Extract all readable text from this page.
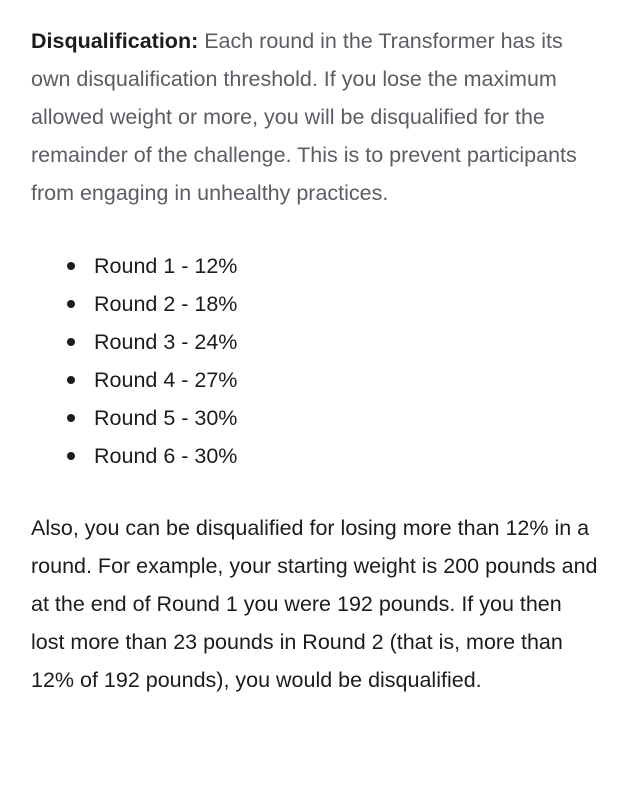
Disqualification: Each round in the Transformer has its own disqualification threshold. If you lose the maximum allowed weight or more, you will be disqualified for the remainder of the challenge. This is to prevent participants from engaging in unhealthy practices.

Round 1 - 12%
Round 2 - 18%
Round 3 - 24%
Round 4 - 27%
Round 5 - 30%
Round 6 - 30%

Also, you can be disqualified for losing more than 12% in a round. For example, your starting weight is 200 pounds and at the end of Round 1 you were 192 pounds. If you then lost more than 23 pounds in Round 2 (that is, more than 12% of 192 pounds), you would be disqualified.
